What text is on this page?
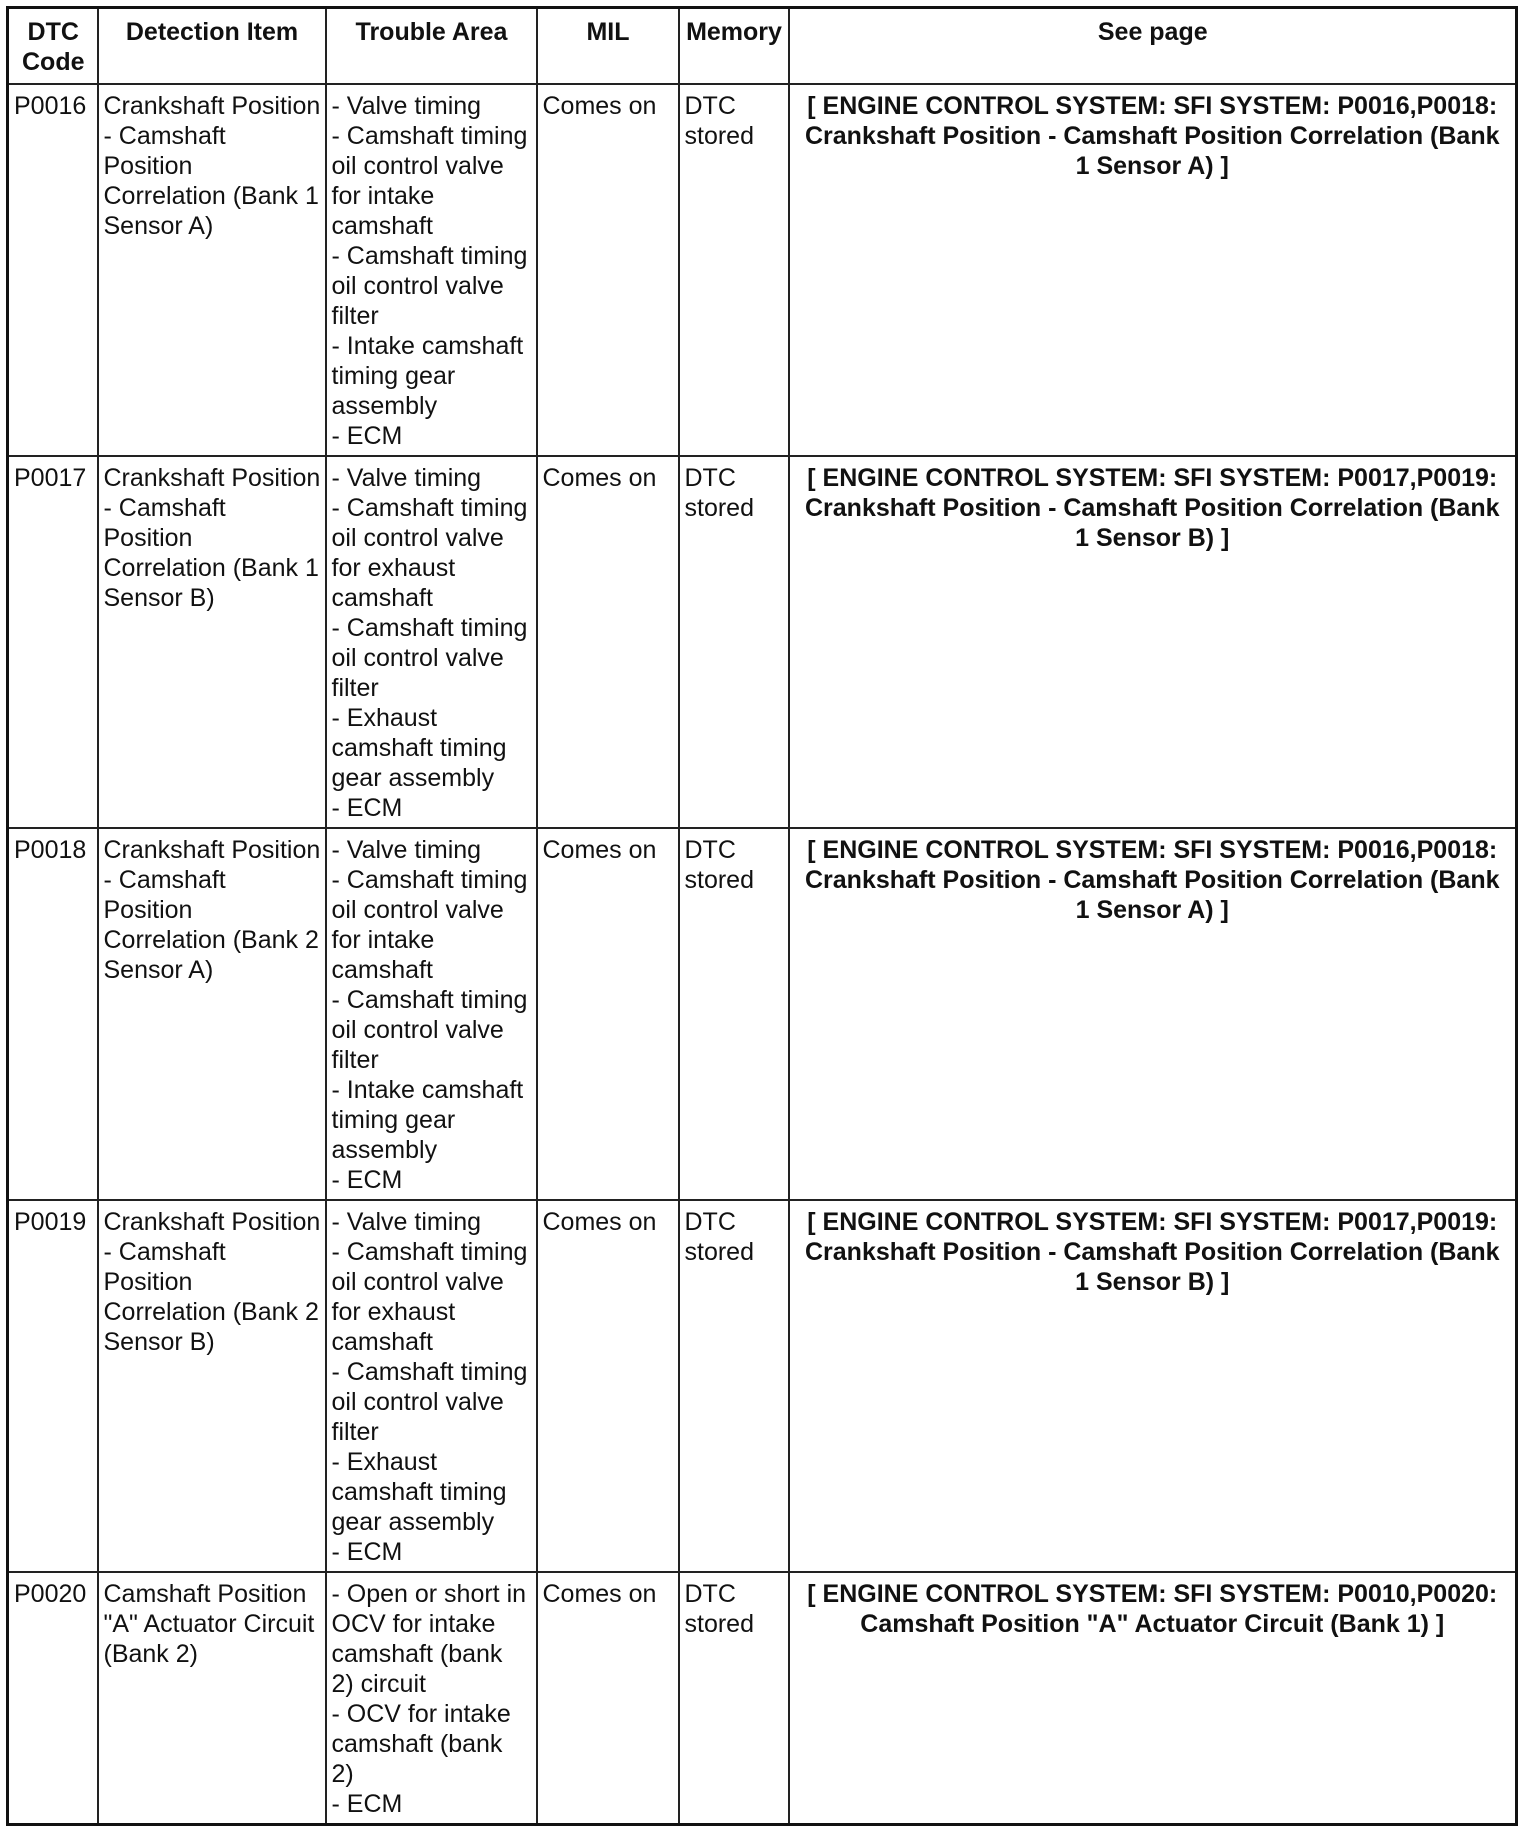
DTC Code	Detection Item	Trouble Area	MIL	Memory	See page
P0016	Crankshaft Position - Camshaft Position Correlation (Bank 1 Sensor A)	- Valve timing
- Camshaft timing oil control valve for intake camshaft
- Camshaft timing oil control valve filter
- Intake camshaft timing gear assembly
- ECM	Comes on	DTC stored	[ ENGINE CONTROL SYSTEM: SFI SYSTEM: P0016,P0018: Crankshaft Position - Camshaft Position Correlation (Bank 1 Sensor A) ]
P0017	Crankshaft Position - Camshaft Position Correlation (Bank 1 Sensor B)	- Valve timing
- Camshaft timing oil control valve for exhaust camshaft
- Camshaft timing oil control valve filter
- Exhaust camshaft timing gear assembly
- ECM	Comes on	DTC stored	[ ENGINE CONTROL SYSTEM: SFI SYSTEM: P0017,P0019: Crankshaft Position - Camshaft Position Correlation (Bank 1 Sensor B) ]
P0018	Crankshaft Position - Camshaft Position Correlation (Bank 2 Sensor A)	- Valve timing
- Camshaft timing oil control valve for intake camshaft
- Camshaft timing oil control valve filter
- Intake camshaft timing gear assembly
- ECM	Comes on	DTC stored	[ ENGINE CONTROL SYSTEM: SFI SYSTEM: P0016,P0018: Crankshaft Position - Camshaft Position Correlation (Bank 1 Sensor A) ]
P0019	Crankshaft Position - Camshaft Position Correlation (Bank 2 Sensor B)	- Valve timing
- Camshaft timing oil control valve for exhaust camshaft
- Camshaft timing oil control valve filter
- Exhaust camshaft timing gear assembly
- ECM	Comes on	DTC stored	[ ENGINE CONTROL SYSTEM: SFI SYSTEM: P0017,P0019: Crankshaft Position - Camshaft Position Correlation (Bank 1 Sensor B) ]
P0020	Camshaft Position "A" Actuator Circuit (Bank 2)	- Open or short in OCV for intake camshaft (bank 2) circuit
- OCV for intake camshaft (bank 2)
- ECM	Comes on	DTC stored	[ ENGINE CONTROL SYSTEM: SFI SYSTEM: P0010,P0020: Camshaft Position "A" Actuator Circuit (Bank 1) ]
